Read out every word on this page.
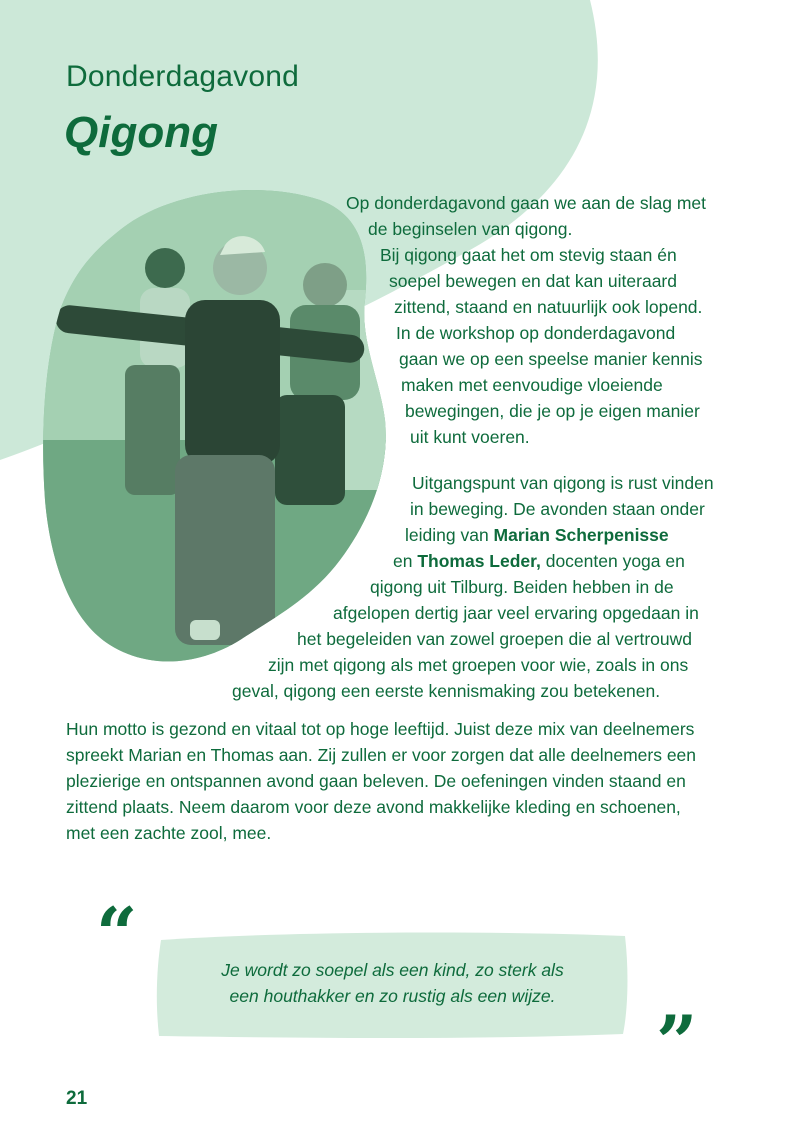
Donderdagavond
Qigong
Op donderdagavond gaan we aan de slag met
de beginselen van qigong.
Bij qigong gaat het om stevig staan én
soepel bewegen en dat kan uiteraard
zittend, staand en natuurlijk ook lopend.
In de workshop op donderdagavond
gaan we op een speelse manier kennis
maken met eenvoudige vloeiende
bewegingen, die je op je eigen manier
uit kunt voeren.
Uitgangspunt van qigong is rust vinden
in beweging. De avonden staan onder
leiding van Marian Scherpenisse
en Thomas Leder, docenten yoga en
qigong uit Tilburg. Beiden hebben in de
afgelopen dertig jaar veel ervaring opgedaan in
het begeleiden van zowel groepen die al vertrouwd
zijn met qigong als met groepen voor wie, zoals in ons
geval, qigong een eerste kennismaking zou betekenen.
Hun motto is gezond en vitaal tot op hoge leeftijd. Juist deze mix van deelnemers
spreekt Marian en Thomas aan. Zij zullen er voor zorgen dat alle deelnemers een
plezierige en ontspannen avond gaan beleven. De oefeningen vinden staand en
zittend plaats. Neem daarom voor deze avond makkelijke kleding en schoenen,
met een zachte zool, mee.
“	Je wordt zo soepel als een kind, zo sterk als
een houthakker en zo rustig als een wijze.
”
21
